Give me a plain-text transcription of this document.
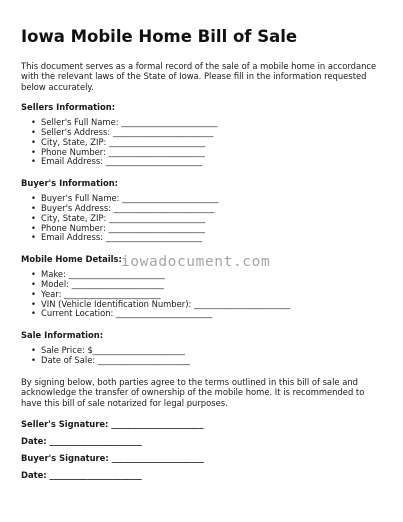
Iowa Mobile Home Bill of Sale

This document serves as a formal record of the sale of a mobile home in accordance with the relevant laws of the State of Iowa. Please fill in the information requested below accurately.

Sellers Information:
• Seller's Full Name: _______________________
• Seller's Address: ________________________
• City, State, ZIP: _______________________
• Phone Number: _______________________
• Email Address: _______________________
Buyer's Information:
• Buyer's Full Name: _______________________
• Buyer's Address: ________________________
• City, State, ZIP: _______________________
• Phone Number: _______________________
• Email Address: _______________________
Mobile Home Details:
• Make: _______________________
• Model: ______________________
• Year: _______________________
• VIN (Vehicle Identification Number): _______________________
• Current Location: _______________________
Sale Information:
• Sale Price: $______________________
• Date of Sale: ______________________

By signing below, both parties agree to the terms outlined in this bill of sale and acknowledge the transfer of ownership of the mobile home. It is recommended to have this bill of sale notarized for legal purposes.

Seller's Signature: ______________________
Date: ______________________
Buyer's Signature: ______________________
Date: ______________________
iowadocument.com
